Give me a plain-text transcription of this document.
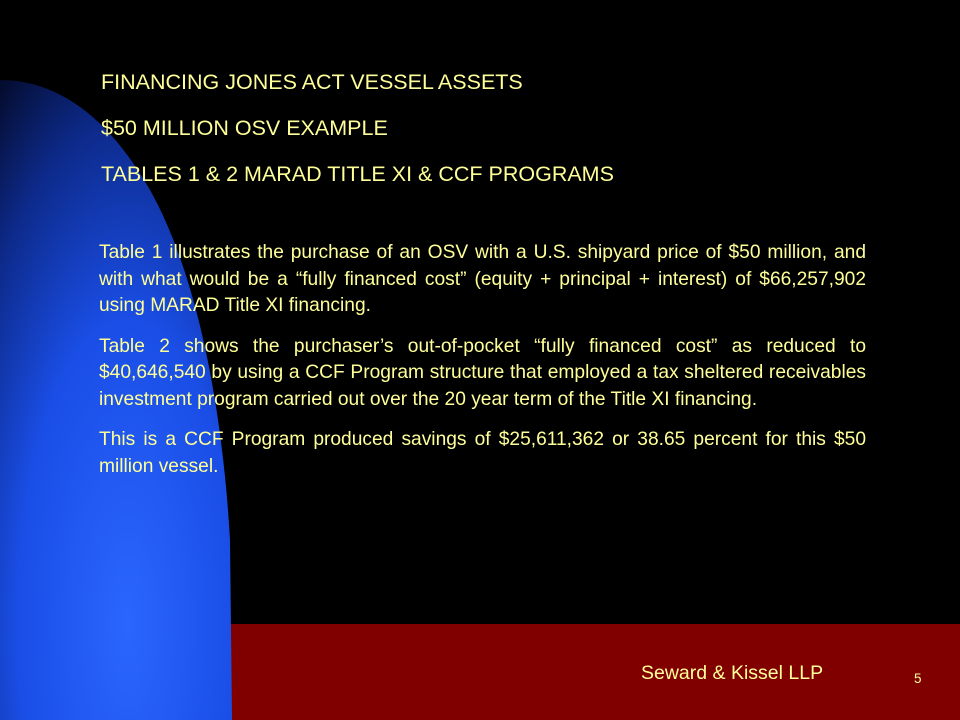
FINANCING JONES ACT VESSEL ASSETS
$50 MILLION OSV EXAMPLE
TABLES 1 & 2 MARAD TITLE XI & CCF PROGRAMS

Table 1 illustrates the purchase of an OSV with a U.S. shipyard price of $50 million, and with what would be a “fully financed cost” (equity + principal + interest) of $66,257,902 using MARAD Title XI financing.

Table 2 shows the purchaser’s out-of-pocket “fully financed cost” as reduced to $40,646,540 by using a CCF Program structure that employed a tax sheltered receivables investment program carried out over the 20 year term of the Title XI financing.

This is a CCF Program produced savings of $25,611,362 or 38.65 percent for this $50 million vessel.

Seward & Kissel LLP	5
